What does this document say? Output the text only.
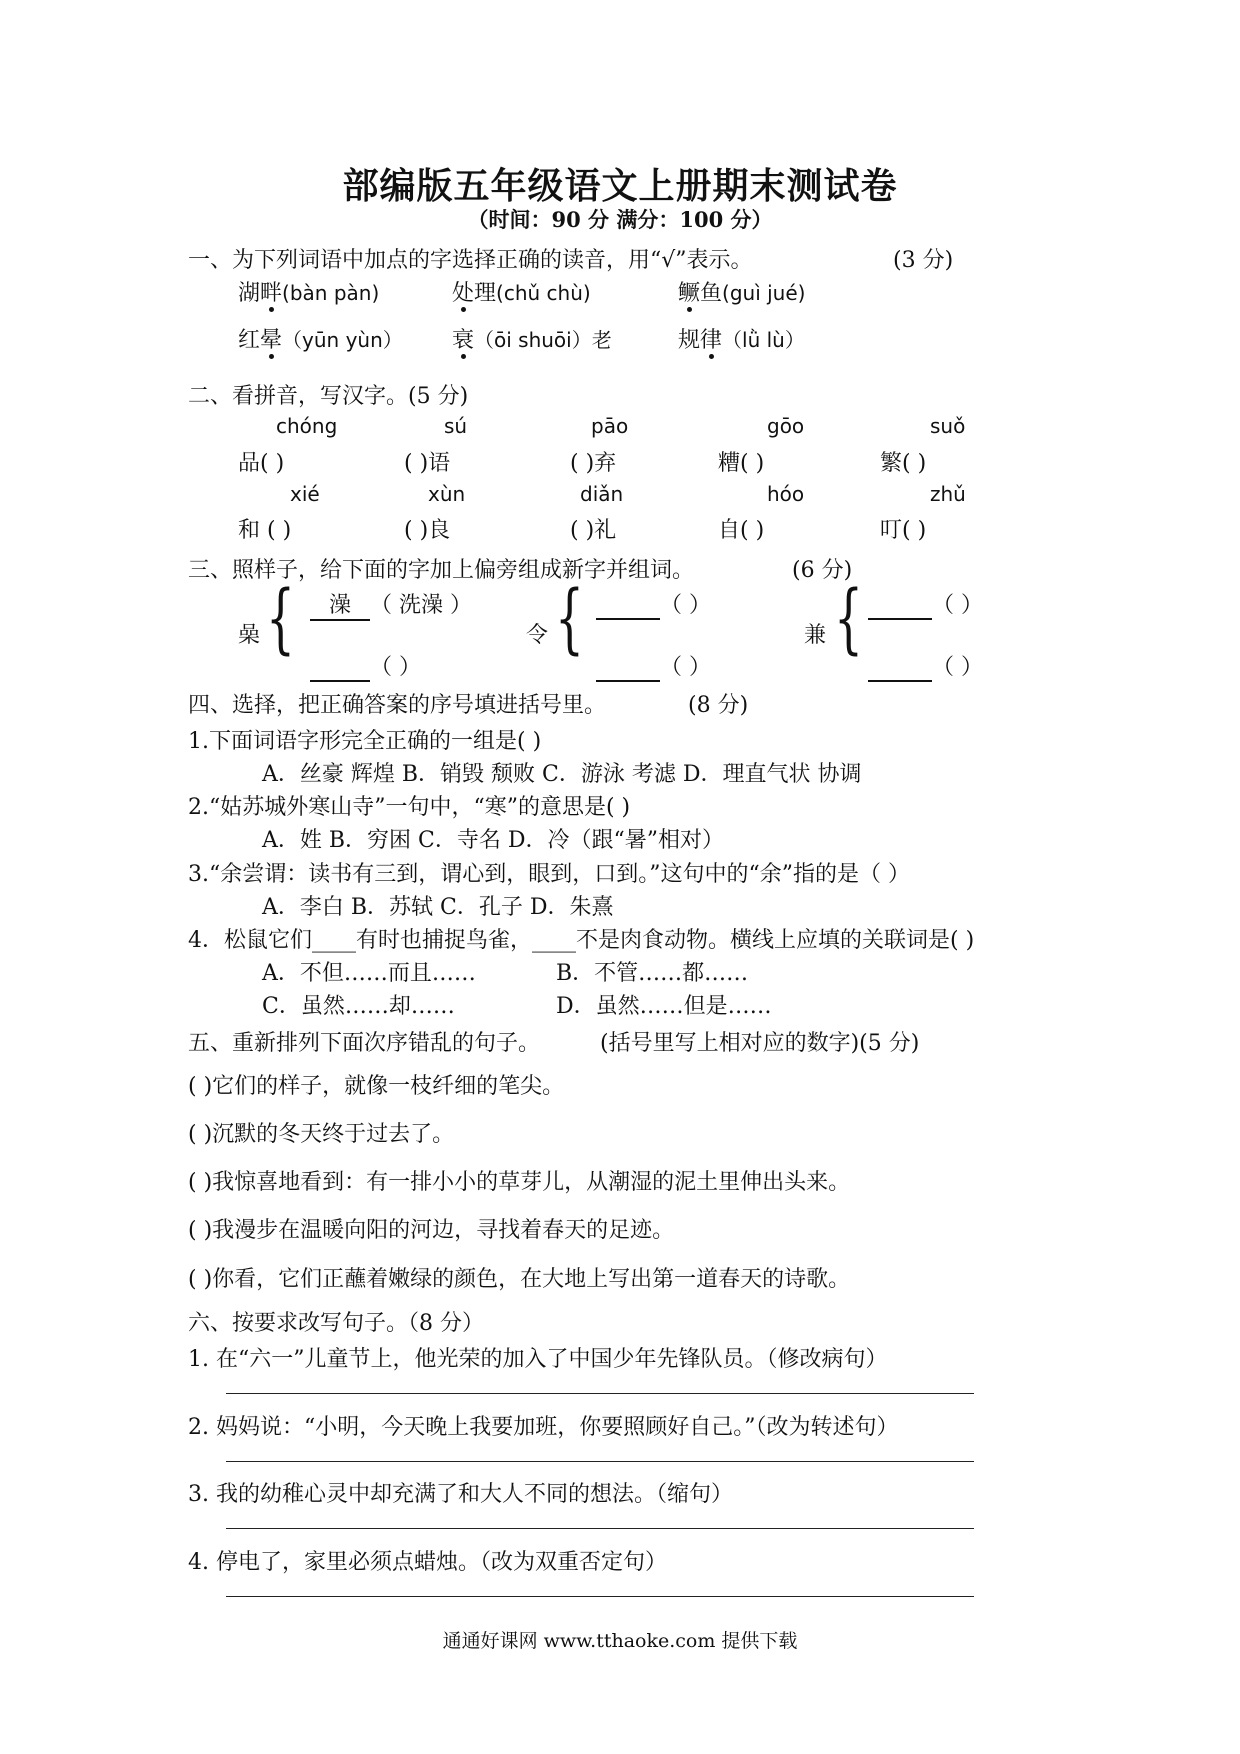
部编版五年级语文上册期末测试卷
（时间：90 分 满分：100 分）
一、为下列词语中加点的字选择正确的读音，用“√”表示。	(3 分)
湖畔(bàn pàn)	处理(chǔ chù)	鳜鱼(guì jué)
红晕（yūn yùn） 衰（ōi shuōi）老	规律（lǜ lù）
二、看拼音，写汉字。(5 分)
chóng	sú	pāo	gōo	suǒ
品( )	( )语	( )弃	糟( )	繁( )
xié	xùn	diǎn	hóo	zhǔ
和 ( )	( )良	( )礼	自( )	叮( )
三、照样子，给下面的字加上偏旁组成新字并组词。	(6 分)
喿 {	澡 （ 洗澡 ）
（ ）
令 {	（ ）
（ ）
兼 {	（ ）
（ ）
四、选择，把正确答案的序号填进括号里。	(8 分)
1.下面词语字形完全正确的一组是( )
A．丝豪 辉煌 B．销毁 颓败 C．游泳 考滤 D．理直气状 协调
2.“姑苏城外寒山寺”一句中，“寒”的意思是( )
A．姓 B．穷困 C．寺名 D．冷（跟“暑”相对）
3.“余尝谓：读书有三到，谓心到，眼到，口到。”这句中的“余”指的是（ ）
A．李白 B．苏轼 C．孔子 D．朱熹
4．松鼠它们____有时也捕捉鸟雀，____不是肉食动物。横线上应填的关联词是( )
A．不但……而且……	B．不管……都……
C．虽然……却……	D．虽然……但是……
五、重新排列下面次序错乱的句子。	(括号里写上相对应的数字)(5 分)
( )它们的样子，就像一枝纤细的笔尖。
( )沉默的冬天终于过去了。
( )我惊喜地看到：有一排小小的草芽儿，从潮湿的泥土里伸出头来。
( )我漫步在温暖向阳的河边，寻找着春天的足迹。
( )你看，它们正蘸着嫩绿的颜色，在大地上写出第一道春天的诗歌。
六、按要求改写句子。（8 分）
1. 在“六一”儿童节上，他光荣的加入了中国少年先锋队员。（修改病句）
2. 妈妈说：“小明，今天晚上我要加班，你要照顾好自己。”（改为转述句）
3. 我的幼稚心灵中却充满了和大人不同的想法。（缩句）
4. 停电了，家里必须点蜡烛。（改为双重否定句）
通通好课网 www.tthaoke.com 提供下载
